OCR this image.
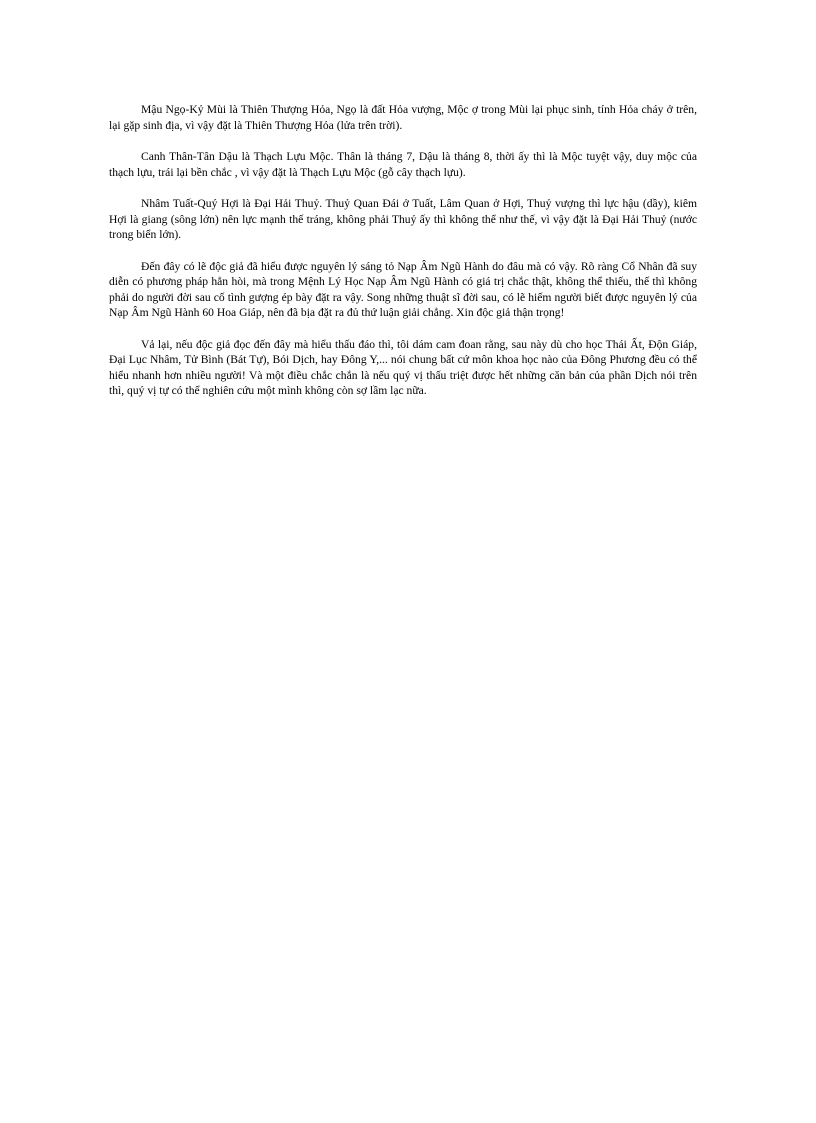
Mậu Ngọ-Kỷ Mùi là Thiên Thượng Hỏa, Ngọ là đất Hỏa vượng, Mộc ợ trong Mùi lại phục sinh, tính Hỏa cháy ở trên, lại gặp sinh địa, vì vậy đặt là Thiên Thượng Hỏa (lửa trên trời).

Canh Thân-Tân Dậu là Thạch Lựu Mộc. Thân là tháng 7, Dậu là tháng 8, thời ấy thì là Mộc tuyệt vậy, duy mộc của thạch lựu, trái lại bền chắc , vì vậy đặt là Thạch Lựu Mộc (gỗ cây thạch lựu).

Nhâm Tuất-Quý Hợi là Đại Hải Thuỷ. Thuỷ Quan Đái ở Tuất, Lâm Quan ở Hợi, Thuỷ vượng thì lực hậu (dầy), kiêm Hợi là giang (sông lớn) nên lực mạnh thế tráng, không phải Thuỷ ấy thì không thể như thế, vì vậy đặt là Đại Hải Thuỷ (nước trong biển lớn).

Đến đây có lẽ độc giả đã hiểu được nguyên lý sáng tỏ Nạp Âm Ngũ Hành do đâu mà có vậy. Rõ ràng Cổ Nhân đã suy diễn có phương pháp hẳn hòi, mà trong Mệnh Lý Học Nạp Âm Ngũ Hành có giá trị chắc thật, không thể thiếu, thế thì không phải do người đời sau cố tình gượng ép bày đặt ra vậy. Song những thuật sĩ đời sau, có lẽ hiếm người biết được nguyên lý của Nạp Âm Ngũ Hành 60 Hoa Giáp, nên đã bịa đặt ra đủ thứ luận giải chẳng. Xin độc giả thận trọng!

Vả lại, nếu độc giả đọc đến đây mà hiểu thấu đáo thì, tôi dám cam đoan rằng, sau này dù cho học Thái Ất, Độn Giáp, Đại Lục Nhâm, Tử Bình (Bát Tự), Bói Dịch, hay Đông Y,... nói chung bất cứ môn khoa học nào của Đông Phương đều có thể hiểu nhanh hơn nhiều người! Và một điều chắc chắn là nếu quý vị thấu triệt được hết những căn bản của phần Dịch nói trên thì, quý vị tự có thể nghiên cứu một mình không còn sợ lầm lạc nữa.
